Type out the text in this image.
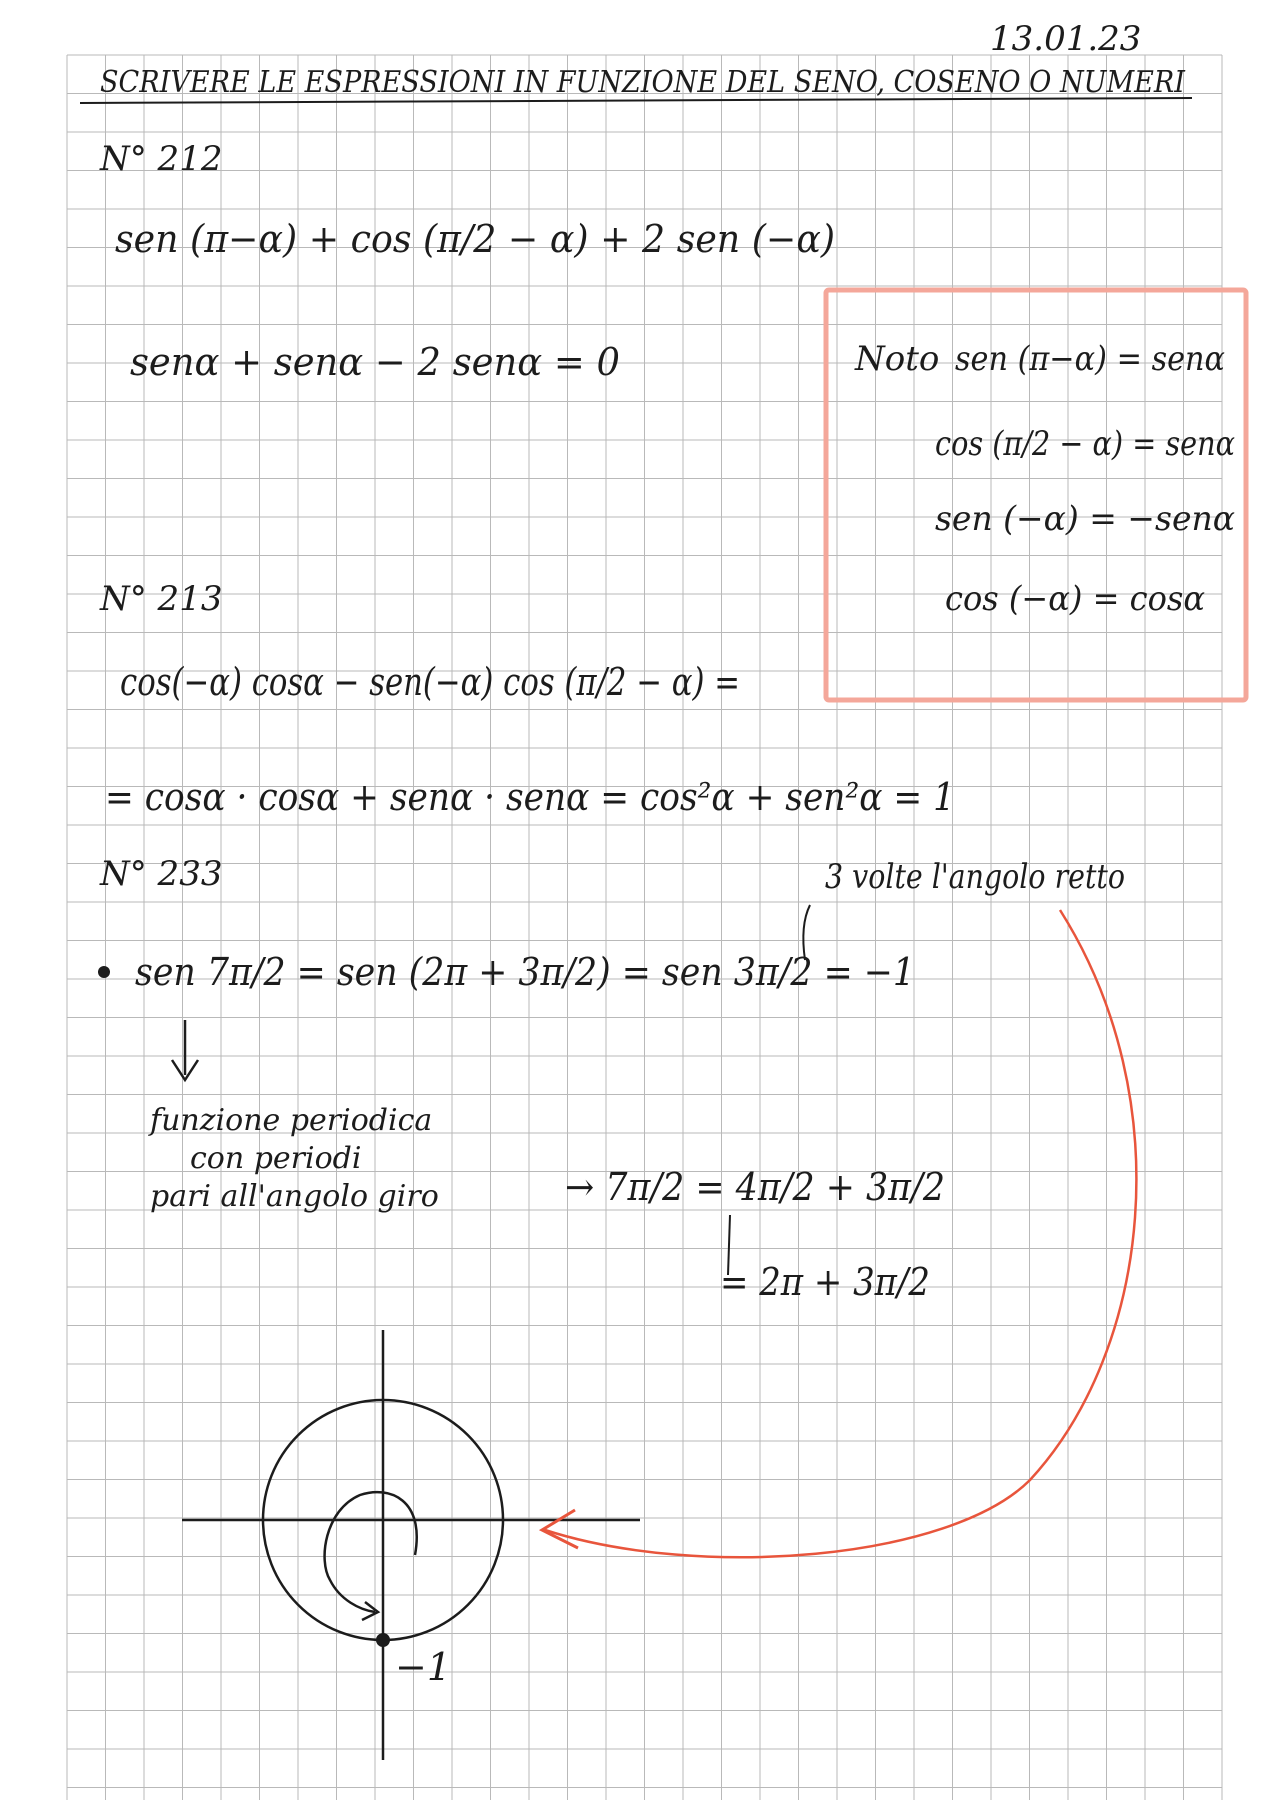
13.01.23
SCRIVERE LE ESPRESSIONI IN FUNZIONE DEL SENO, COSENO O NUMERI
N° 212
sen (π−α) + cos (π/2 − α) + 2 sen (−α)
senα + senα − 2 senα = 0	Noto sen (π−α) = senα
cos (π/2 − α) = senα
sen (−α) = −senα
cos (−α) = cosα
N° 213
cos(−α) cosα − sen(−α) cos (π/2 − α) =
= cosα · cosα + senα · senα = cos²α + sen²α = 1
N° 233	3 volte l'angolo retto
sen 7π/2 = sen (2π + 3π/2) = sen 3π/2 = −1
funzione periodica
con periodi
pari all'angolo giro	→ 7π/2 = 4π/2 + 3π/2
= 2π + 3π/2
−1
